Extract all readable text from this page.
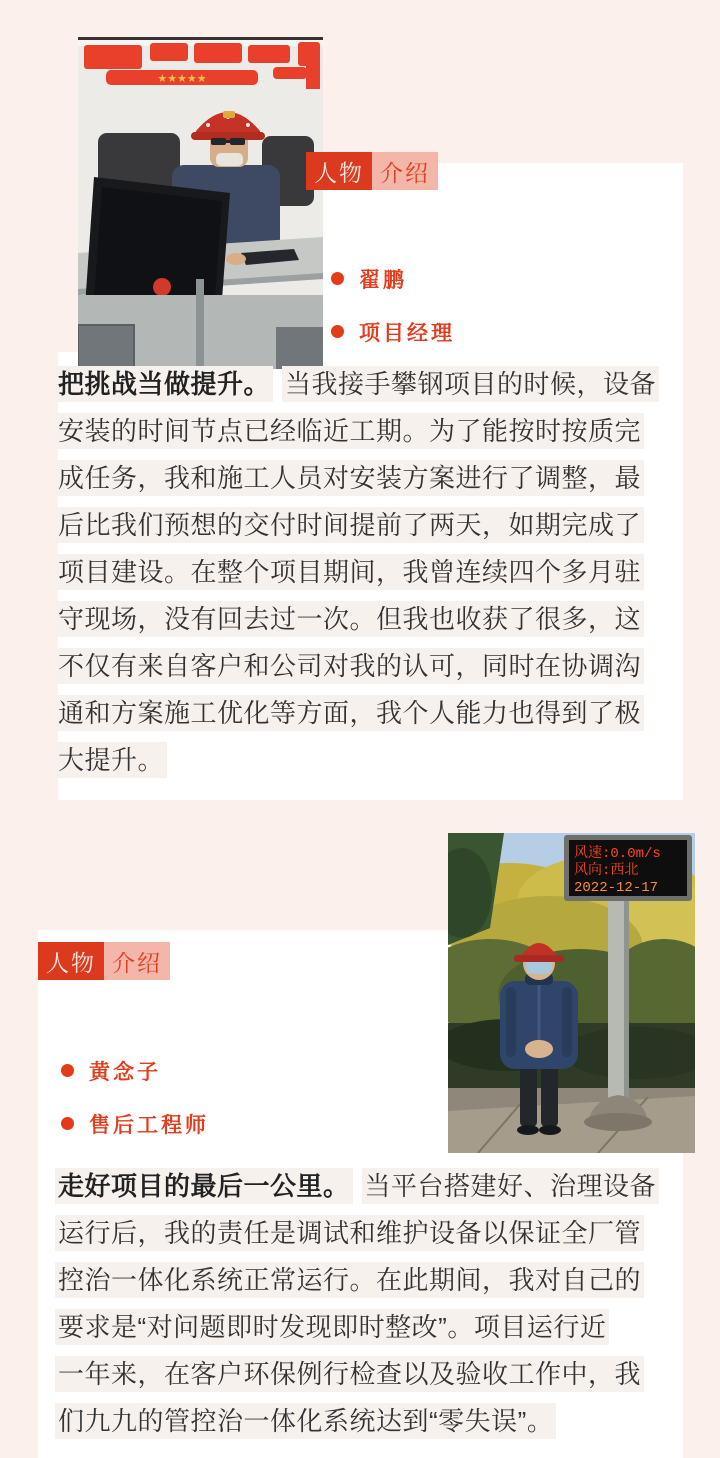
★★★★★
人物 介绍
翟鹏
项目经理
把挑战当做提升。 当我接手攀钢项目的时候，设备
安装的时间节点已经临近工期。为了能按时按质完
成任务，我和施工人员对安装方案进行了调整，最
后比我们预想的交付时间提前了两天，如期完成了
项目建设。在整个项目期间，我曾连续四个多月驻
守现场，没有回去过一次。但我也收获了很多，这
不仅有来自客户和公司对我的认可，同时在协调沟
通和方案施工优化等方面，我个人能力也得到了极
大提升。
风速:0.0m/s
风向:西北
2022-12-17
人物 介绍
黄念子
售后工程师
走好项目的最后一公里。 当平台搭建好、治理设备
运行后，我的责任是调试和维护设备以保证全厂管
控治一体化系统正常运行。在此期间，我对自己的
要求是“对问题即时发现即时整改”。项目运行近
一年来，在客户环保例行检查以及验收工作中，我
们九九的管控治一体化系统达到“零失误”。
